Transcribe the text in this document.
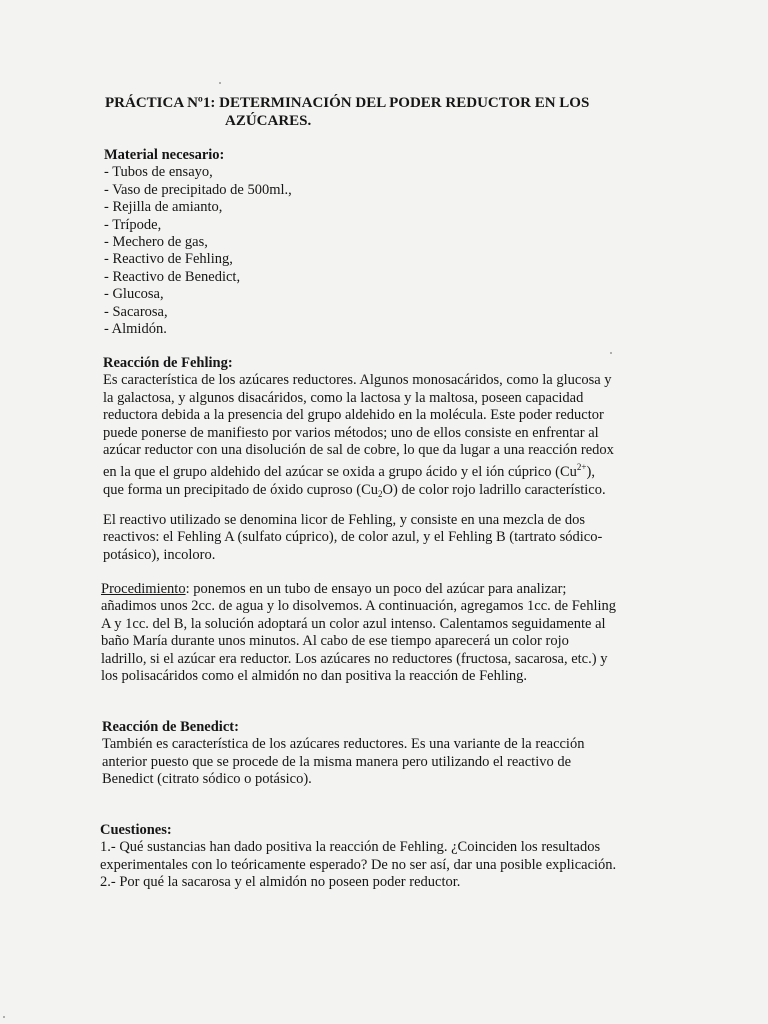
PRÁCTICA Nº1: DETERMINACIÓN DEL PODER REDUCTOR EN LOS
AZÚCARES.
Material necesario:
- Tubos de ensayo,
- Vaso de precipitado de 500ml.,
- Rejilla de amianto,
- Trípode,
- Mechero de gas,
- Reactivo de Fehling,
- Reactivo de Benedict,
- Glucosa,
- Sacarosa,
- Almidón.
Reacción de Fehling:
Es característica de los azúcares reductores. Algunos monosacáridos, como la glucosa y
la galactosa, y algunos disacáridos, como la lactosa y la maltosa, poseen capacidad
reductora debida a la presencia del grupo aldehido en la molécula. Este poder reductor
puede ponerse de manifiesto por varios métodos; uno de ellos consiste en enfrentar al
azúcar reductor con una disolución de sal de cobre, lo que da lugar a una reacción redox
en la que el grupo aldehido del azúcar se oxida a grupo ácido y el ión cúprico $(Cu^{2+})$,
que forma un precipitado de óxido cuproso $(Cu_2O)$ de color rojo ladrillo característico.
El reactivo utilizado se denomina licor de Fehling, y consiste en una mezcla de dos
reactivos: el Fehling A (sulfato cúprico), de color azul, y el Fehling B (tartrato sódico-
potásico), incoloro.
Procedimiento: ponemos en un tubo de ensayo un poco del azúcar para analizar;
añadimos unos 2cc. de agua y lo disolvemos. A continuación, agregamos 1cc. de Fehling
A y 1cc. del B, la solución adoptará un color azul intenso. Calentamos seguidamente al
baño María durante unos minutos. Al cabo de ese tiempo aparecerá un color rojo
ladrillo, si el azúcar era reductor. Los azúcares no reductores (fructosa, sacarosa, etc.) y
los polisacáridos como el almidón no dan positiva la reacción de Fehling.
Reacción de Benedict:
También es característica de los azúcares reductores. Es una variante de la reacción
anterior puesto que se procede de la misma manera pero utilizando el reactivo de
Benedict (citrato sódico o potásico).
Cuestiones:
1.- Qué sustancias han dado positiva la reacción de Fehling. ¿Coinciden los resultados
experimentales con lo teóricamente esperado? De no ser así, dar una posible explicación.
2.- Por qué la sacarosa y el almidón no poseen poder reductor.
